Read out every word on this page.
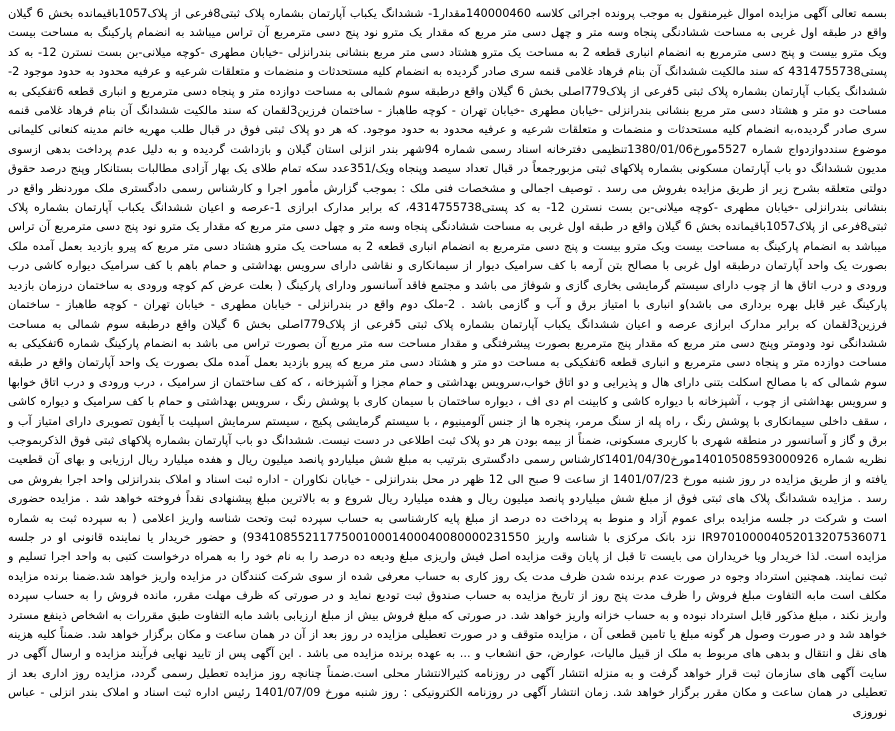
بسمه تعالی آگهی مزایده اموال غیرمنقول به موجب پرونده اجرائی کلاسه 140000460مقدار1- ششدانگ یکباب آپارتمان بشماره پلاک ثبتی8فرعی از پلاک1057باقیمانده بخش 6 گیلان واقع در طبقه اول غربی به مساحت ششادنگی پنجاه وسه متر و چهل دسی متر مربع که مقدار یک مترو نود پنج دسی مترمربع آن تراس میباشد به انضمام پارکینگ به مساحت بیست ویک مترو بیست و پنج دسی مترمربع به انضمام انباری قطعه 2 به مساحت یک مترو هشتاد دسی متر مربع بنشانی بندرانزلی -خیابان مطهری -کوچه میلانی-بن بست نسترن 12- به کد پستی4314755738 که سند مالکیت ششدانگ آن بنام فرهاد غلامی قنمه سری صادر گردیده به انضمام کلیه مستحدثات و منضمات و متعلقات شرعیه و عرفیه محدود به حدود موجود 2- ششدانگ یکباب آپارتمان بشماره پلاک ثبتی 5فرعی از پلاک779اصلی بخش 6 گیلان واقع درطبقه سوم شمالی به مساحت دوازده متر و پنجاه دسی مترمربع و انباری قطعه 6تفکیکی به مساحت دو متر و هشتاد دسی متر مربع بنشانی بندرانزلی -خیابان مطهری -خیابان تهران - کوچه طاهباز - ساختمان فرزین3لقمان که سند مالکیت ششدانگ آن بنام فرهاد غلامی قنمه سری صادر گردیده،به انضمام کلیه مستحدثات و منضمات و متعلقات شرعیه و عرفیه محدود به حدود موجود. که هر دو پلاک ثبتی فوق در قبال طلب مهریه خانم مدینه کنعانی کلیمانی موضوع سنددوازدواج شماره 5527مورخ1380/01/06تنظیمی دفترخانه اسناد رسمی شماره 94شهر بندر انزلی استان گیلان و بازداشت گردیده و به دلیل عدم پرداخت بدهی ازسوی مدیون ششدانگ دو باب آپارتمان مسکونی بشماره پلاکهای ثبتی مزبورجمعاً در قبال تعداد سیصد وپنجاه ویک/351عدد سکه تمام طلای یک بهار آزادی مطالبات بستانکار وپنج درصد حقوق دولتی متعلقه بشرح زیر از طریق مزایده بفروش می رسد . توصیف اجمالی و مشخصات فنی ملک : بموجب گزارش مأمور اجرا و کارشناس رسمی دادگستری ملک موردنظر واقع در بنشانی بندرانزلی -خیابان مطهری -کوچه میلانی-بن بست نسترن 12- به کد پستی4314755738، که برابر مدارک ابرازی 1-عرصه و اعیان ششدانگ یکباب آپارتمان بشماره پلاک ثبتی8فرعی از پلاک1057باقیمانده بخش 6 گیلان واقع در طبقه اول غربی به مساحت ششادنگی پنجاه وسه متر و چهل دسی متر مربع که مقدار یک مترو نود پنج دسی مترمربع آن تراس میباشد به انضمام پارکینگ به مساحت بیست ویک مترو بیست و پنج دسی مترمربع به انضمام انباری قطعه 2 به مساحت یک مترو هشتاد دسی متر مربع که پیرو بازدید بعمل آمده ملک بصورت یک واحد آپارتمان درطبقه اول غربی با مصالح بتن آرمه با کف سرامیک دیوار از سیمانکاری و نقاشی دارای سرویس بهداشتی و حمام باهم با کف سرامیک دیواره کاشی درب ورودی و درب اتاق ها از چوب دارای سیستم گرمایشی بخاری گازی و شوفاژ می باشد و مجتمع فاقد آسانسور ودارای پارکینگ ( بعلت عرض کم کوچه ورودی به ساختمان درزمان بازدید پارکینگ غیر قابل بهره برداری می باشد)و انباری با امتیاز برق و آب و گازمی باشد . 2-ملک دوم واقع در بندرانزلی - خیابان مطهری - خیابان تهران - کوچه طاهباز - ساختمان فرزین3لقمان که برابر مدارک ابرازی عرصه و اعیان ششدانگ یکباب آپارتمان بشماره پلاک ثبتی 5فرعی از پلاک779اصلی بخش 6 گیلان واقع درطبقه سوم شمالی به مساحت ششدانگی نود ودومتر وپنج دسی متر مربع که مقدار پنج مترمربع بصورت پیشرفتگی و مقدار مساحت سه متر مربع آن بصورت تراس می باشد به انضمام پارکینگ شماره 6تفکیکی به مساحت دوازده متر و پنجاه دسی مترمربع و انباری قطعه 6تفکیکی به مساحت دو متر و هشتاد دسی متر مربع که پیرو بازدید بعمل آمده ملک بصورت یک واحد آپارتمان واقع در طبقه سوم شمالی که با مصالح اسکلت بتنی دارای هال و پذیرایی و دو اتاق خواب،سرویس بهداشتی و حمام مجزا و آشپزخانه ، که کف ساختمان از سرامیک ، درب ورودی و درب اتاق خوابها و سرویس بهداشتی از چوب ، آشپزخانه با دیواره کاشی و کابینت ام دی اف ، دیواره ساختمان با سیمان کاری با پوشش رنگ ، سرویس بهداشتی و حمام با کف سرامیک و دیواره کاشی ، سقف داخلی سیمانکاری با پوشش رنگ ، راه پله از سنگ مرمر، پنجره ها از جنس آلومینیوم ، با سیستم گرمایشی پکیج ، سیستم سرمایش اسپلیت با آیفون تصویری دارای امتیاز آب و برق و گاز و آسانسور در منطقه شهری با کاربری مسکونی، ضمناً از بیمه بودن هر دو پلاک ثبت اطلاعی در دست نیست. ششدانگ دو باب آپارتمان بشماره پلاکهای ثبتی فوق الذکربموجب نظریه شماره 14010508593000926مورخ1401/04/30کارشناس رسمی دادگستری بترتیب به مبلغ شش میلیاردو پانصد میلیون ریال و هفده میلیارد ریال ارزیابی و بهای آن قطعیت یافته و از طریق مزایده در روز شنبه مورخ 1401/07/23 از ساعت 9 صبح الی 12 ظهر در محل بندرانزلی - خیابان نکاوران - اداره ثبت اسناد و املاک بندرانزلی واحد اجرا بفروش می رسد . مزایده ششدانگ پلاک های ثبتی فوق از مبلغ شش میلیاردو پانصد میلیون ریال و هفده میلیارد ریال شروع و به بالاترین مبلغ پیشنهادی نقداً فروخته خواهد شد . مزایده حضوری است و شرکت در جلسه مزایده برای عموم آزاد و منوط به پرداخت ده درصد از مبلغ پایه کارشناسی به حساب سپرده ثبت وتحت شناسه واریز اعلامی ( به سپرده ثبت به شماره IR970100004052013207536071 نزد بانک مرکزی با شناسه واریز 934108552117750010001400040080000231550) و حضور خریدار یا نماینده قانونی او در جلسه مزایده است. لذا خریدار ویا خریداران می بایست تا قبل از پایان وقت مزایده اصل فیش واریزی مبلغ ودیعه ده درصد را به نام خود را به همراه درخواست کتبی به واحد اجرا تسلیم و ثبت نمایند. همچنین استرداد وجوه در صورت عدم برنده شدن ظرف مدت یک روز کاری به حساب معرفی شده از سوی شرکت کنندگان در مزایده واریز خواهد شد.ضمنا برنده مزایده مکلف است مابه التفاوت مبلغ فروش را ظرف مدت پنج روز از تاریخ مزایده به حساب صندوق ثبت تودیع نماید و در صورتی که ظرف مهلت مقرر، مانده فروش را به حساب سپرده واریز نکند ، مبلغ مذکور قابل استرداد نبوده و به حساب خزانه واریز خواهد شد. در صورتی که مبلغ فروش بیش از مبلغ ارزیابی باشد مابه التفاوت طبق مقررات به اشخاص ذینفع مسترد خواهد شد و در صورت وصول هر گونه مبلغ یا تامین قطعی آن ، مزایده متوقف و در صورت تعطیلی مزایده در روز بعد از آن در همان ساعت و مکان برگزار خواهد شد. ضمناً کلیه هزینه های نقل و انتقال و بدهی های مربوط به ملک از قبیل مالیات، عوارض، حق انشعاب و ... به عهده برنده مزایده می باشد . این آگهی پس از تایید نهایی فرآیند مزایده و ارسال آگهی در سایت آگهی های سازمان ثبت قرار خواهد گرفت و به منزله انتشار آگهی در روزنامه کثیرالانتشار محلی است.ضمناً چنانچه روز مزایده تعطیل رسمی گردد، مزایده روز اداری بعد از تعطیلی در همان ساعت و مکان مقرر برگزار خواهد شد. زمان انتشار آگهی در روزنامه الکترونیکی : روز شنبه مورخ 1401/07/09 رئیس اداره ثبت اسناد و املاک بندر انزلی - عباس نوروزی
